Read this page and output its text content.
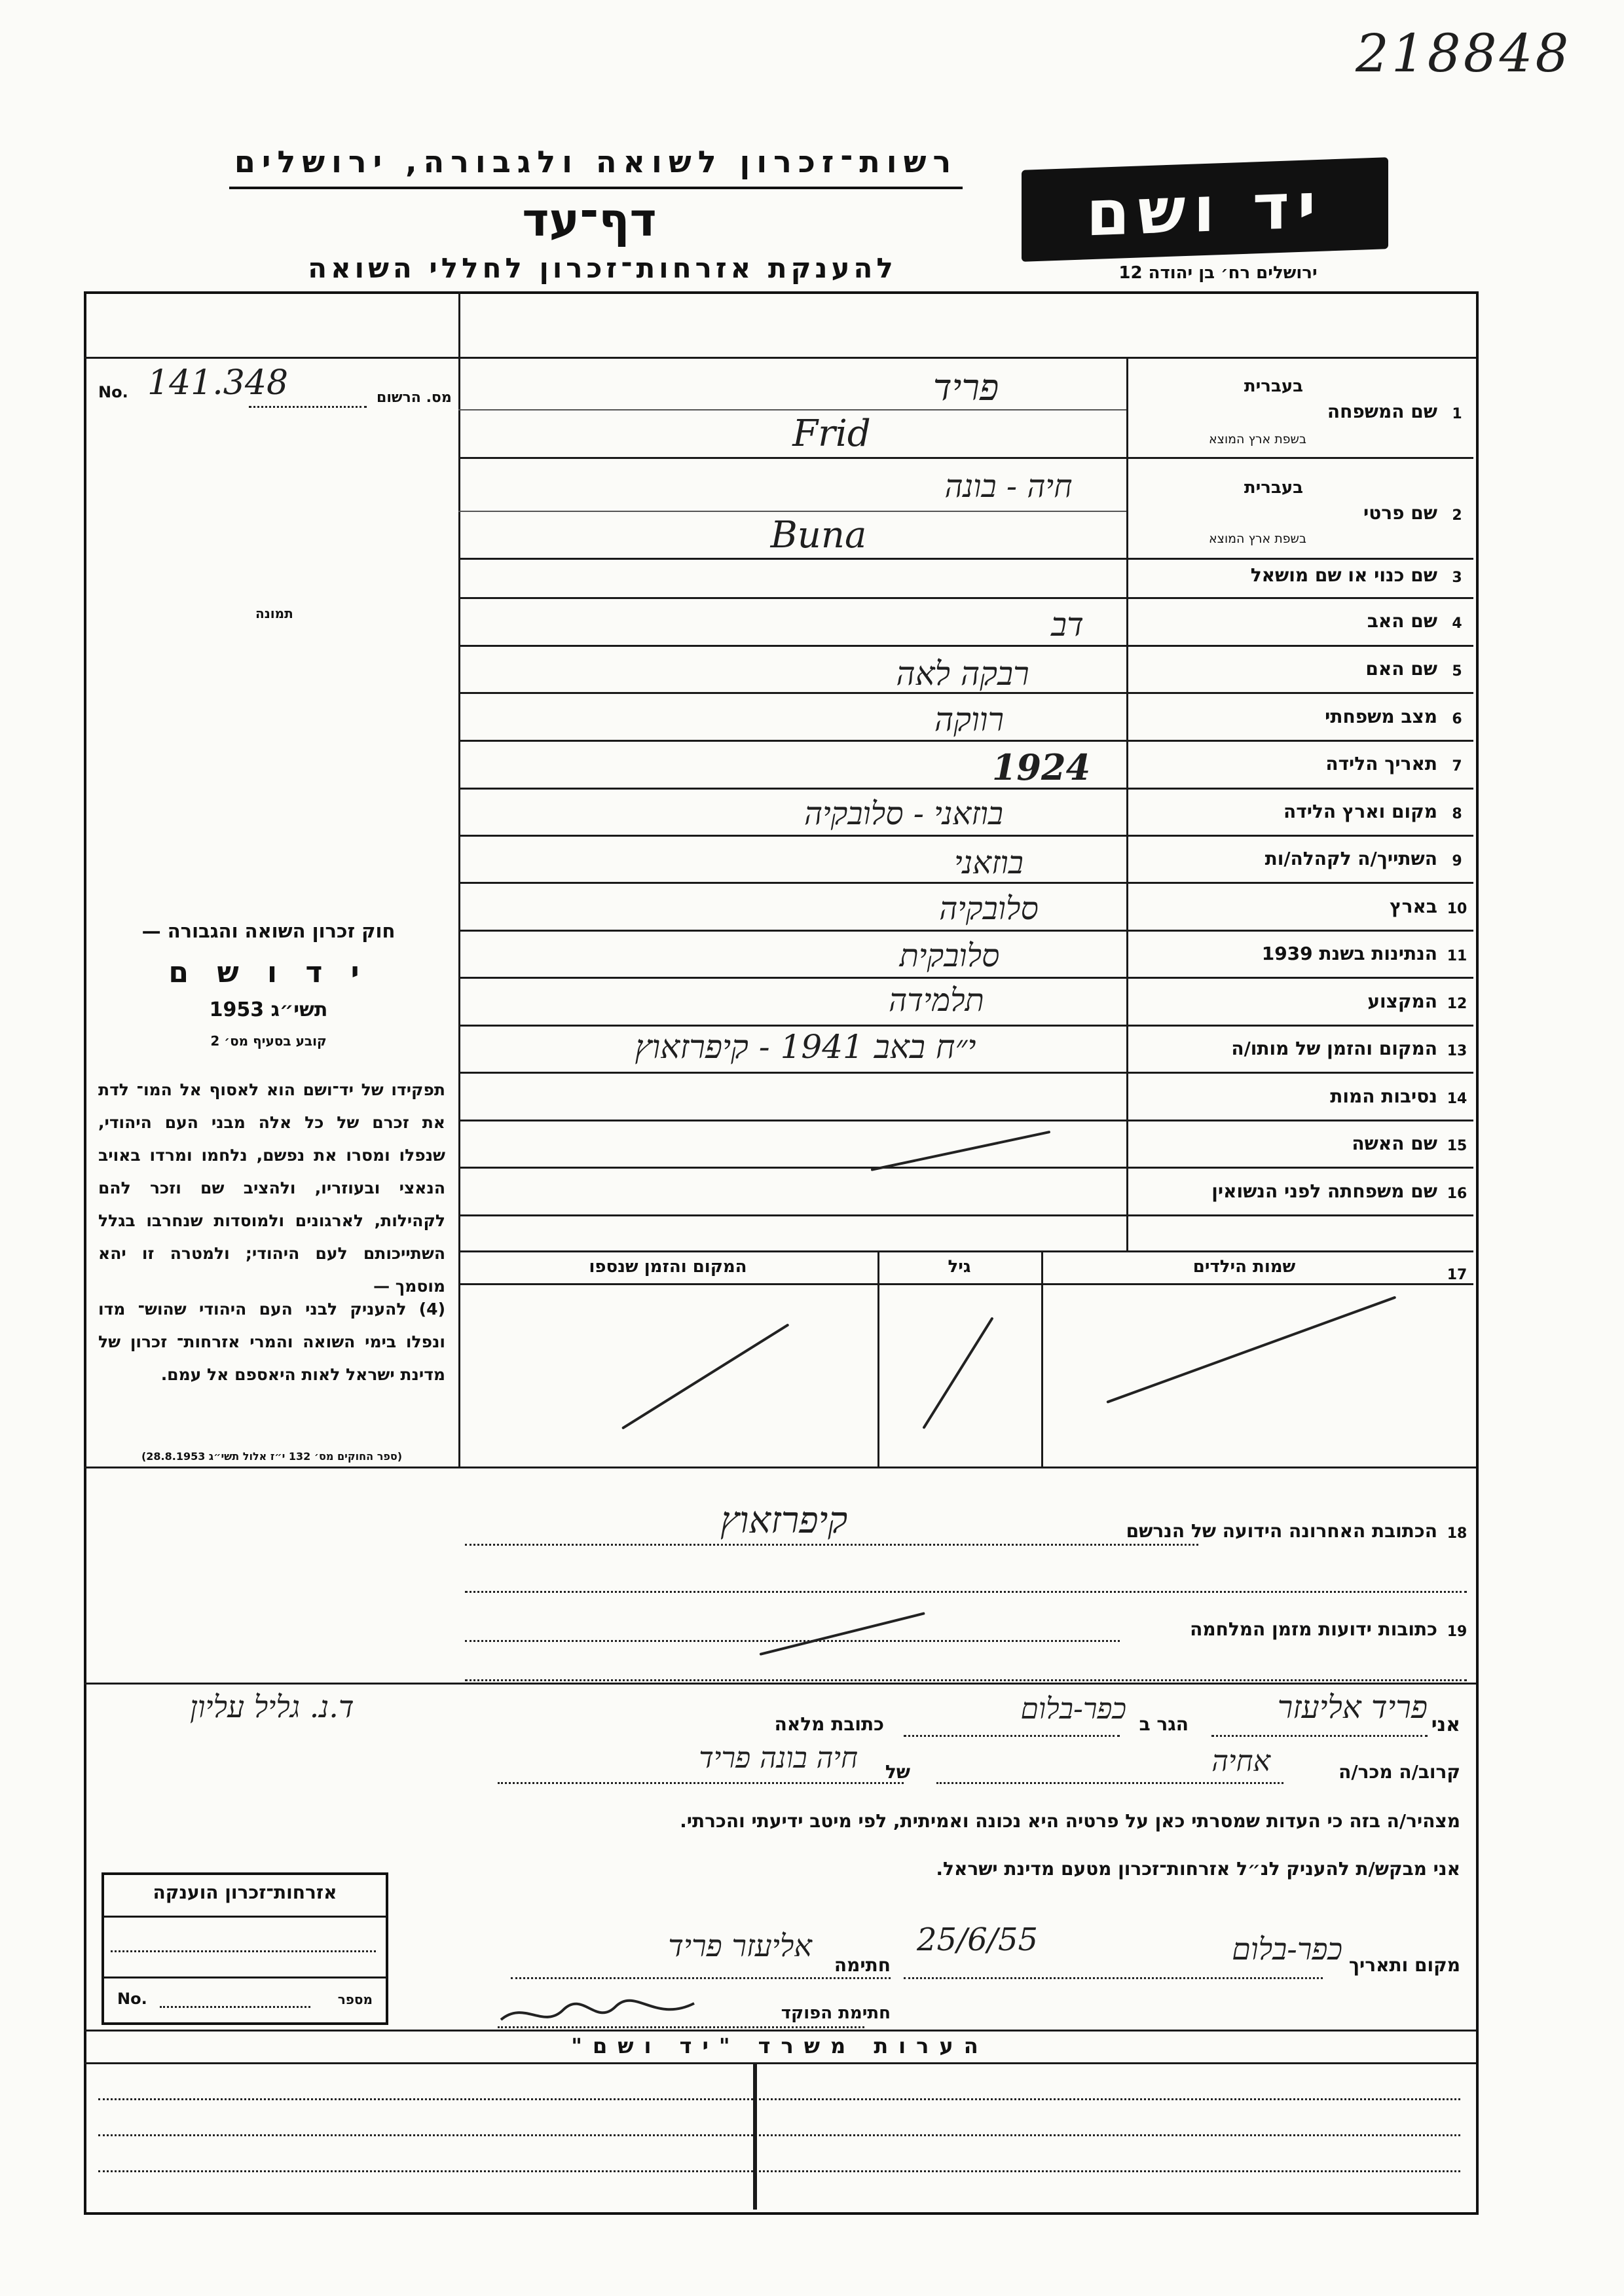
218848
רשות־זכרון לשואה ולגבורה, ירושלים
דף־עד
להענקת אזרחות־זכרון לחללי השואה
יד ושם
ירושלים רח׳ בן יהודה 12
No. 141.348	מס. הרשום
תמונה
חוק זכרון השואה והגבורה —
י ד ו ש ם
תשי״ג 1953
קובע בסעיף מס׳ 2
תפקידו של יד־ושם הוא לאסוף אל המו־ לדת את זכרם של כל אלה מבני העם היהודי, שנפלו ומסרו את נפשם, נלחמו ומרדו באויב הנאצי ובעוזריו, ולהציב שם וזכר להם לקהילות, לארגונים ולמוסדות שנחרבו בגלל השתייכותם לעם היהודי; ולמטרה זו יהא מוסמך —
(4) להעניק לבני העם היהודי שהוש־ מדו ונפלו בימי השואה והמרי אזרחות־ זכרון של מדינת ישראל לאות היאספם אל עמם.
(ספר החוקים מס׳ 132 י״ז אלול תשי״ג 28.8.1953)
1
שם המשפחה
בעברית
בשפת ארץ המוצא
פריד
Frid
2
שם פרטי
בעברית
בשפת ארץ המוצא
חיה - בונה
Buna
3
שם כנוי או שם מושאל
4
שם האב
דב
5
שם האם
רבקה לאה
6
מצב משפחתי
רווקה
7
תאריך הלידה
1924
8
מקום וארץ הלידה
בוזאני - סלובקיה
9
השתייך/ה לקהלה/ות
בוזאני
10
בארץ
סלובקיה
11
הנתינות בשנת 1939
סלובקית
12
המקצוע
תלמידה
13
המקום והזמן של מותו/ה
י״ח באב 1941 - קיפרזאוץ
14
נסיבות המות
15
שם האשה
16
שם משפחתה לפני הנשואין
17
שמות הילדים
גיל
המקום והזמן שנספו
18
הכתובת האחרונה הידועה של הנרשם
קיפרזאוץ
19
כתובות ידועות מזמן המלחמה
אני
פריד אליעזר
הגר ב
כפר-בלום
כתובת מלאה
ד.נ. גליל עליון
קרוב/ה מכר/ה
אחיה
של
חיה בונה פריד
מצהיר/ה בזה כי העדות שמסרתי כאן על פרטיה היא נכונה ואמיתית, לפי מיטב ידיעתי והכרתי.
אני מבקש/ת להעניק לנ״ל אזרחות־זכרון מטעם מדינת ישראל.
מקום ותאריך
כפר-בלום
25/6/55
חתימה
אליעזר פריד
חתימת הפוקד
אזרחות־זכרון הוענקה
No.	מספר
הערות משרד "יד ושם"
